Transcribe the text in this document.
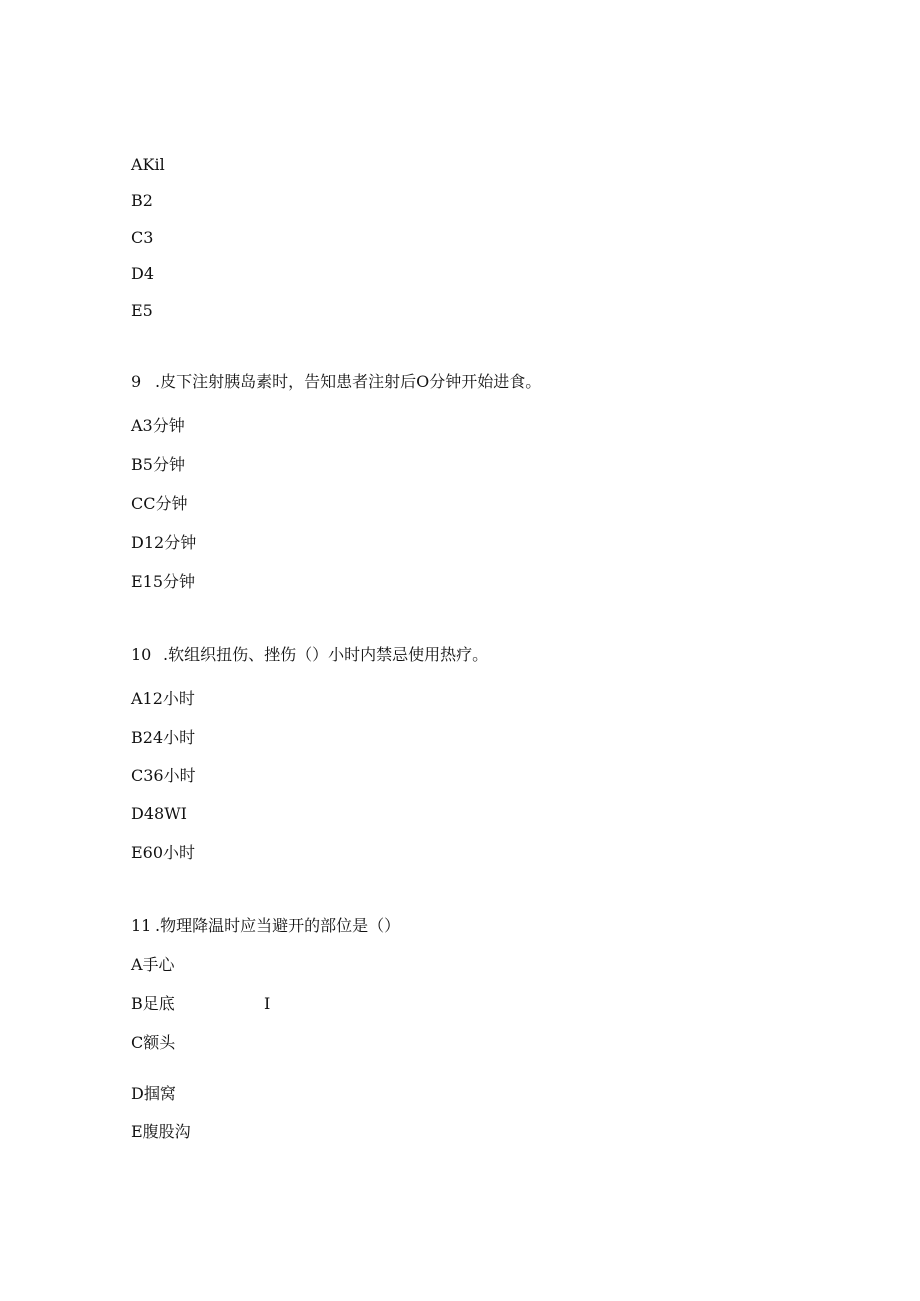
AKil
B2
C3
D4
E5
9 .皮下注射胰岛素时，告知患者注射后O分钟开始进食。
A3分钟
B5分钟
CC分钟
D12分钟
E15分钟
10 .软组织扭伤、挫伤（）小时内禁忌使用热疗。
A12小时
B24小时
C36小时
D48WI
E60小时
11 .物理降温时应当避开的部位是（）
A手心
B足底	I
C额头
D掴窝
E腹股沟
